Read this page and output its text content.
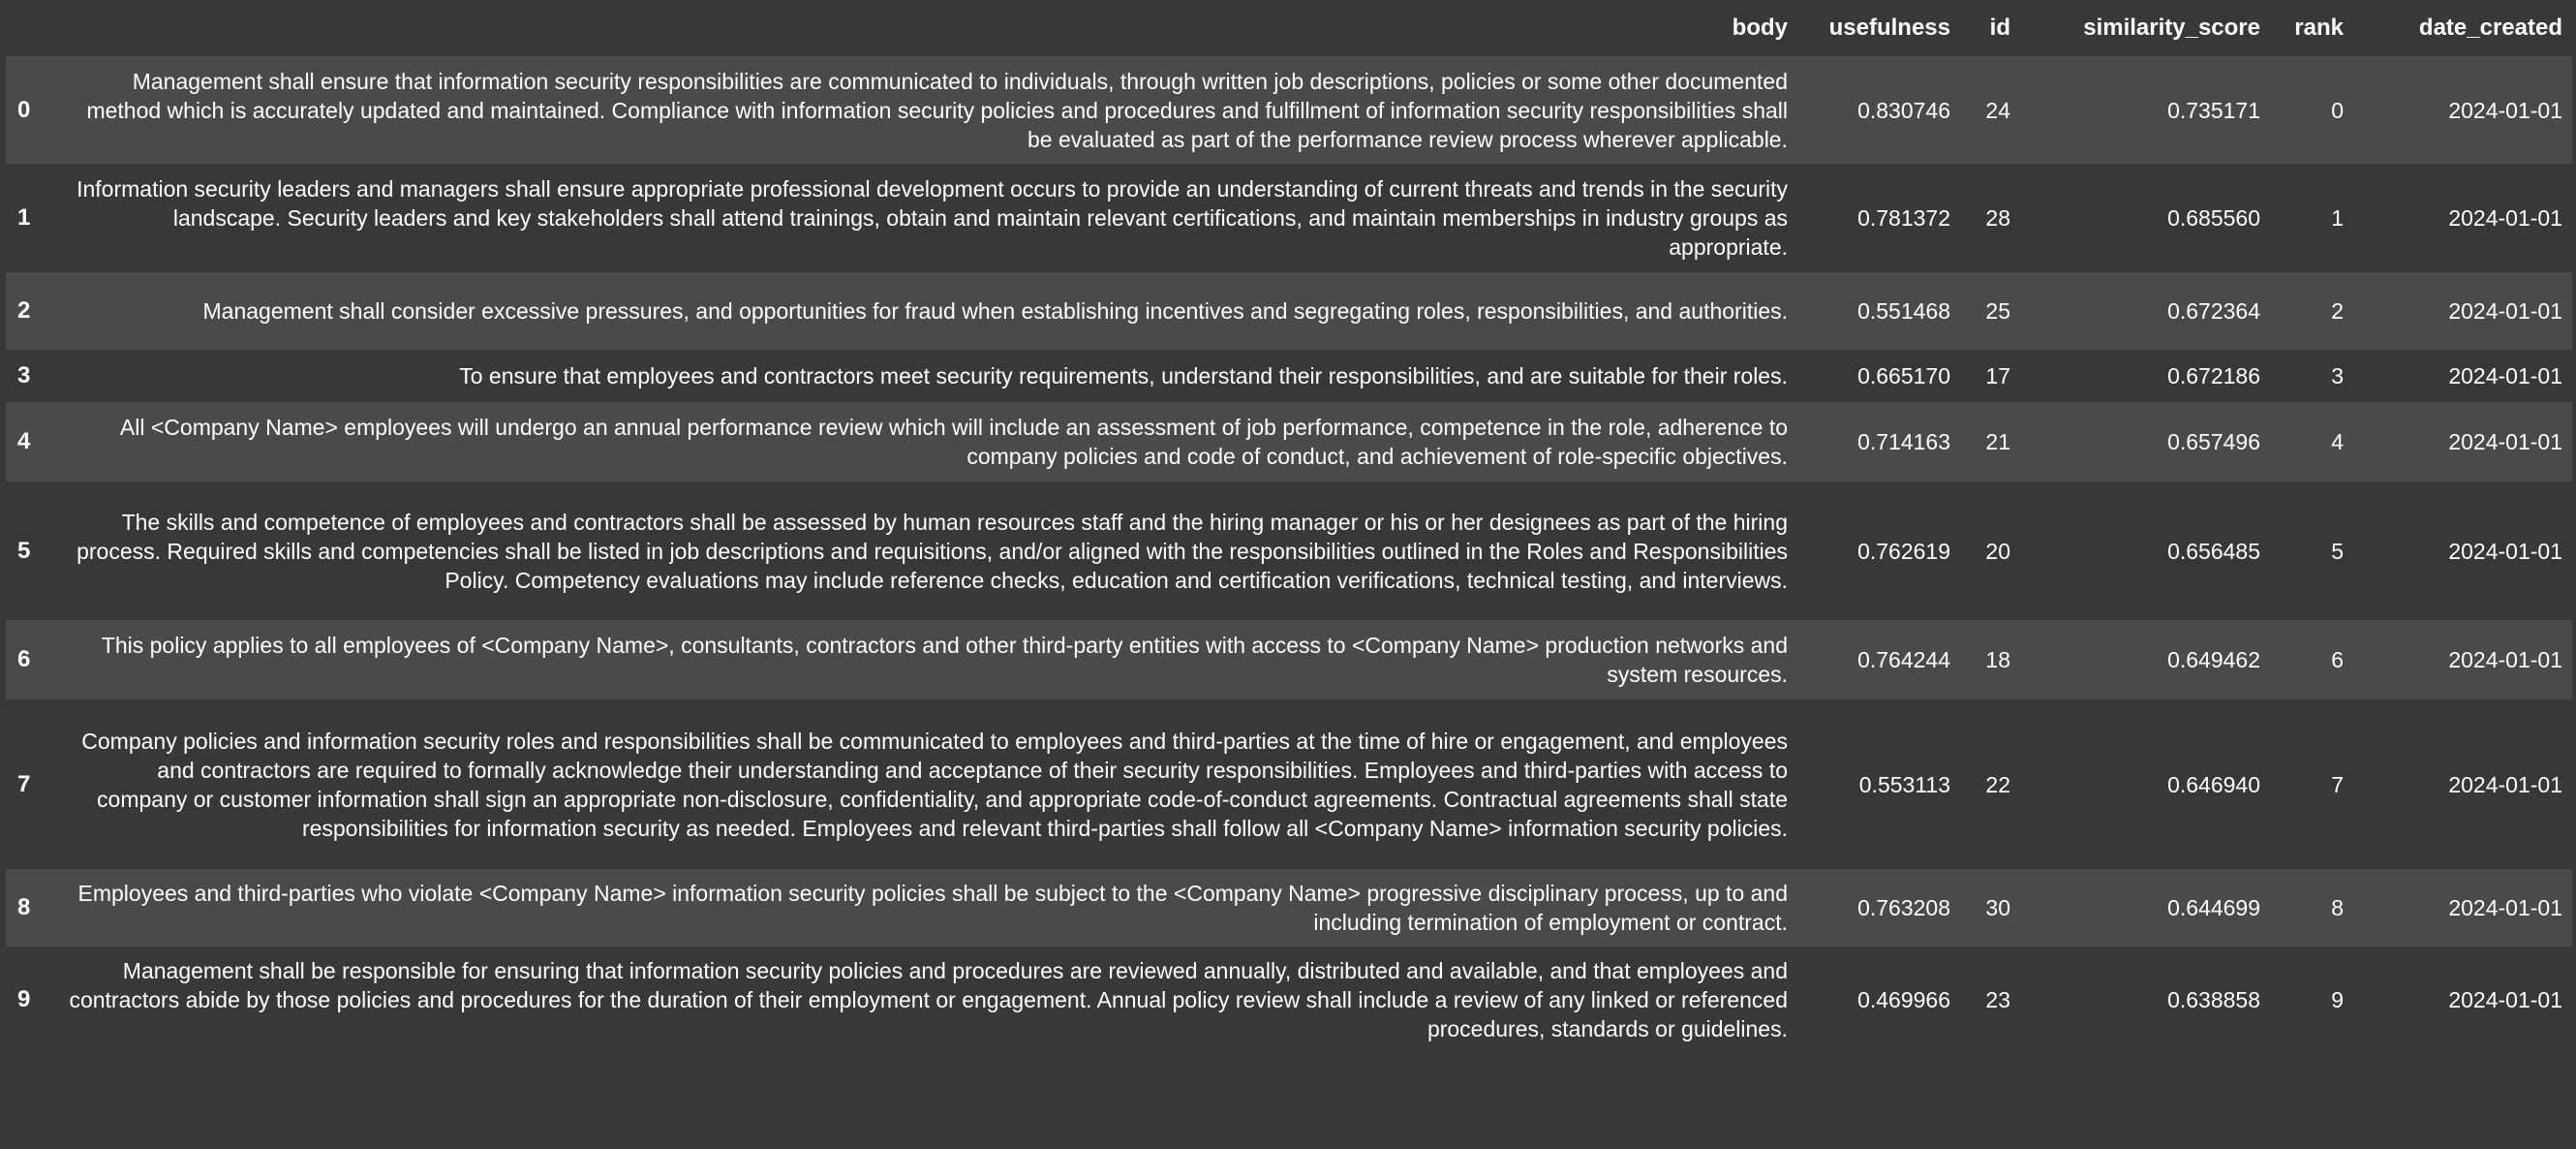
	body	usefulness	id	similarity_score	rank	date_created
0	Management shall ensure that information security responsibilities are communicated to individuals, through written job descriptions, policies or some other documented method which is accurately updated and maintained. Compliance with information security policies and procedures and fulfillment of information security responsibilities shall be evaluated as part of the performance review process wherever applicable.	0.830746	24	0.735171	0	2024-01-01
1	Information security leaders and managers shall ensure appropriate professional development occurs to provide an understanding of current threats and trends in the security landscape. Security leaders and key stakeholders shall attend trainings, obtain and maintain relevant certifications, and maintain memberships in industry groups as appropriate.	0.781372	28	0.685560	1	2024-01-01
2	Management shall consider excessive pressures, and opportunities for fraud when establishing incentives and segregating roles, responsibilities, and authorities.	0.551468	25	0.672364	2	2024-01-01
3	To ensure that employees and contractors meet security requirements, understand their responsibilities, and are suitable for their roles.	0.665170	17	0.672186	3	2024-01-01
4	All <Company Name> employees will undergo an annual performance review which will include an assessment of job performance, competence in the role, adherence to company policies and code of conduct, and achievement of role-specific objectives.	0.714163	21	0.657496	4	2024-01-01
5	The skills and competence of employees and contractors shall be assessed by human resources staff and the hiring manager or his or her designees as part of the hiring process. Required skills and competencies shall be listed in job descriptions and requisitions, and/or aligned with the responsibilities outlined in the Roles and Responsibilities Policy. Competency evaluations may include reference checks, education and certification verifications, technical testing, and interviews.	0.762619	20	0.656485	5	2024-01-01
6	This policy applies to all employees of <Company Name>, consultants, contractors and other third-party entities with access to <Company Name> production networks and system resources.	0.764244	18	0.649462	6	2024-01-01
7	Company policies and information security roles and responsibilities shall be communicated to employees and third-parties at the time of hire or engagement, and employees and contractors are required to formally acknowledge their understanding and acceptance of their security responsibilities. Employees and third-parties with access to company or customer information shall sign an appropriate non-disclosure, confidentiality, and appropriate code-of-conduct agreements. Contractual agreements shall state responsibilities for information security as needed. Employees and relevant third-parties shall follow all <Company Name> information security policies.	0.553113	22	0.646940	7	2024-01-01
8	Employees and third-parties who violate <Company Name> information security policies shall be subject to the <Company Name> progressive disciplinary process, up to and including termination of employment or contract.	0.763208	30	0.644699	8	2024-01-01
9	Management shall be responsible for ensuring that information security policies and procedures are reviewed annually, distributed and available, and that employees and contractors abide by those policies and procedures for the duration of their employment or engagement. Annual policy review shall include a review of any linked or referenced procedures, standards or guidelines.	0.469966	23	0.638858	9	2024-01-01
